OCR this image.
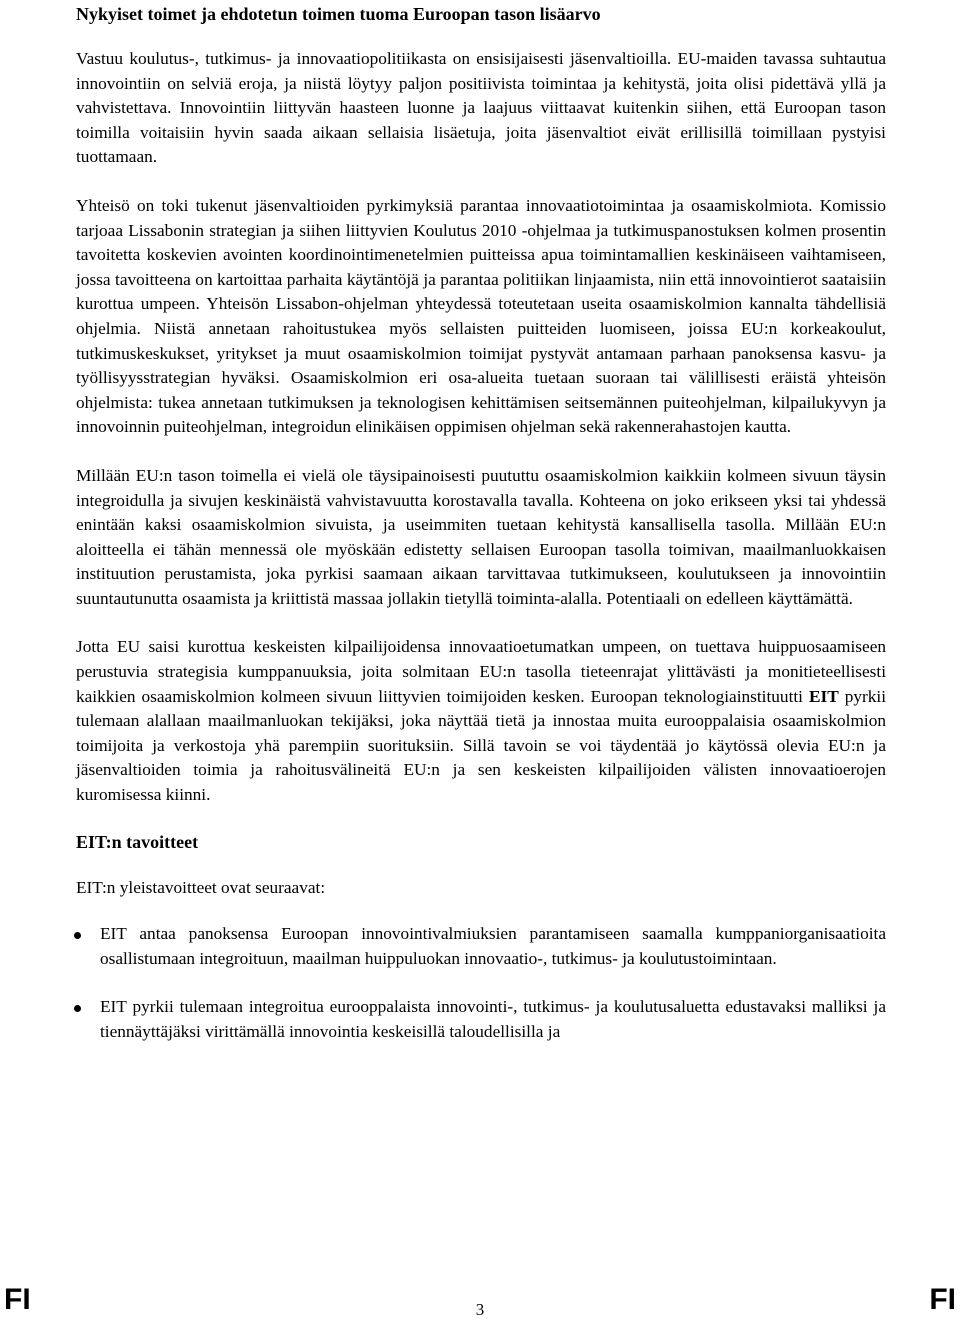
Nykyiset toimet ja ehdotetun toimen tuoma Euroopan tason lisäarvo

Vastuu koulutus-, tutkimus- ja innovaatiopolitiikasta on ensisijaisesti jäsenvaltioilla. EU-maiden tavassa suhtautua innovointiin on selviä eroja, ja niistä löytyy paljon positiivista toimintaa ja kehitystä, joita olisi pidettävä yllä ja vahvistettava. Innovointiin liittyvän haasteen luonne ja laajuus viittaavat kuitenkin siihen, että Euroopan tason toimilla voitaisiin hyvin saada aikaan sellaisia lisäetuja, joita jäsenvaltiot eivät erillisillä toimillaan pystyisi tuottamaan.

Yhteisö on toki tukenut jäsenvaltioiden pyrkimyksiä parantaa innovaatiotoimintaa ja osaamiskolmiota. Komissio tarjoaa Lissabonin strategian ja siihen liittyvien Koulutus 2010 -ohjelmaa ja tutkimuspanostuksen kolmen prosentin tavoitetta koskevien avointen koordinointimenetelmien puitteissa apua toimintamallien keskinäiseen vaihtamiseen, jossa tavoitteena on kartoittaa parhaita käytäntöjä ja parantaa politiikan linjaamista, niin että innovointierot saataisiin kurottua umpeen. Yhteisön Lissabon-ohjelman yhteydessä toteutetaan useita osaamiskolmion kannalta tähdellisiä ohjelmia. Niistä annetaan rahoitustukea myös sellaisten puitteiden luomiseen, joissa EU:n korkeakoulut, tutkimuskeskukset, yritykset ja muut osaamiskolmion toimijat pystyvät antamaan parhaan panoksensa kasvu- ja työllisyysstrategian hyväksi. Osaamiskolmion eri osa-alueita tuetaan suoraan tai välillisesti eräistä yhteisön ohjelmista: tukea annetaan tutkimuksen ja teknologisen kehittämisen seitsemännen puiteohjelman, kilpailukyvyn ja innovoinnin puiteohjelman, integroidun elinikäisen oppimisen ohjelman sekä rakennerahastojen kautta.

Millään EU:n tason toimella ei vielä ole täysipainoisesti puututtu osaamiskolmion kaikkiin kolmeen sivuun täysin integroidulla ja sivujen keskinäistä vahvistavuutta korostavalla tavalla. Kohteena on joko erikseen yksi tai yhdessä enintään kaksi osaamiskolmion sivuista, ja useimmiten tuetaan kehitystä kansallisella tasolla. Millään EU:n aloitteella ei tähän mennessä ole myöskään edistetty sellaisen Euroopan tasolla toimivan, maailmanluokkaisen instituution perustamista, joka pyrkisi saamaan aikaan tarvittavaa tutkimukseen, koulutukseen ja innovointiin suuntautunutta osaamista ja kriittistä massaa jollakin tietyllä toiminta-alalla. Potentiaali on edelleen käyttämättä.

Jotta EU saisi kurottua keskeisten kilpailijoidensa innovaatioetumatkan umpeen, on tuettava huippuosaamiseen perustuvia strategisia kumppanuuksia, joita solmitaan EU:n tasolla tieteenrajat ylittävästi ja monitieteellisesti kaikkien osaamiskolmion kolmeen sivuun liittyvien toimijoiden kesken. Euroopan teknologiainstituutti EIT pyrkii tulemaan alallaan maailmanluokan tekijäksi, joka näyttää tietä ja innostaa muita eurooppalaisia osaamiskolmion toimijoita ja verkostoja yhä parempiin suorituksiin. Sillä tavoin se voi täydentää jo käytössä olevia EU:n ja jäsenvaltioiden toimia ja rahoitusvälineitä EU:n ja sen keskeisten kilpailijoiden välisten innovaatioerojen kuromisessa kiinni.

EIT:n tavoitteet

EIT:n yleistavoitteet ovat seuraavat:

EIT antaa panoksensa Euroopan innovointivalmiuksien parantamiseen saamalla kumppaniorganisaatioita osallistumaan integroituun, maailman huippuluokan innovaatio-, tutkimus- ja koulutustoimintaan.
EIT pyrkii tulemaan integroitua eurooppalaista innovointi-, tutkimus- ja koulutusaluetta edustavaksi malliksi ja tiennäyttäjäksi virittämällä innovointia keskeisillä taloudellisilla ja
FI	3	FI
